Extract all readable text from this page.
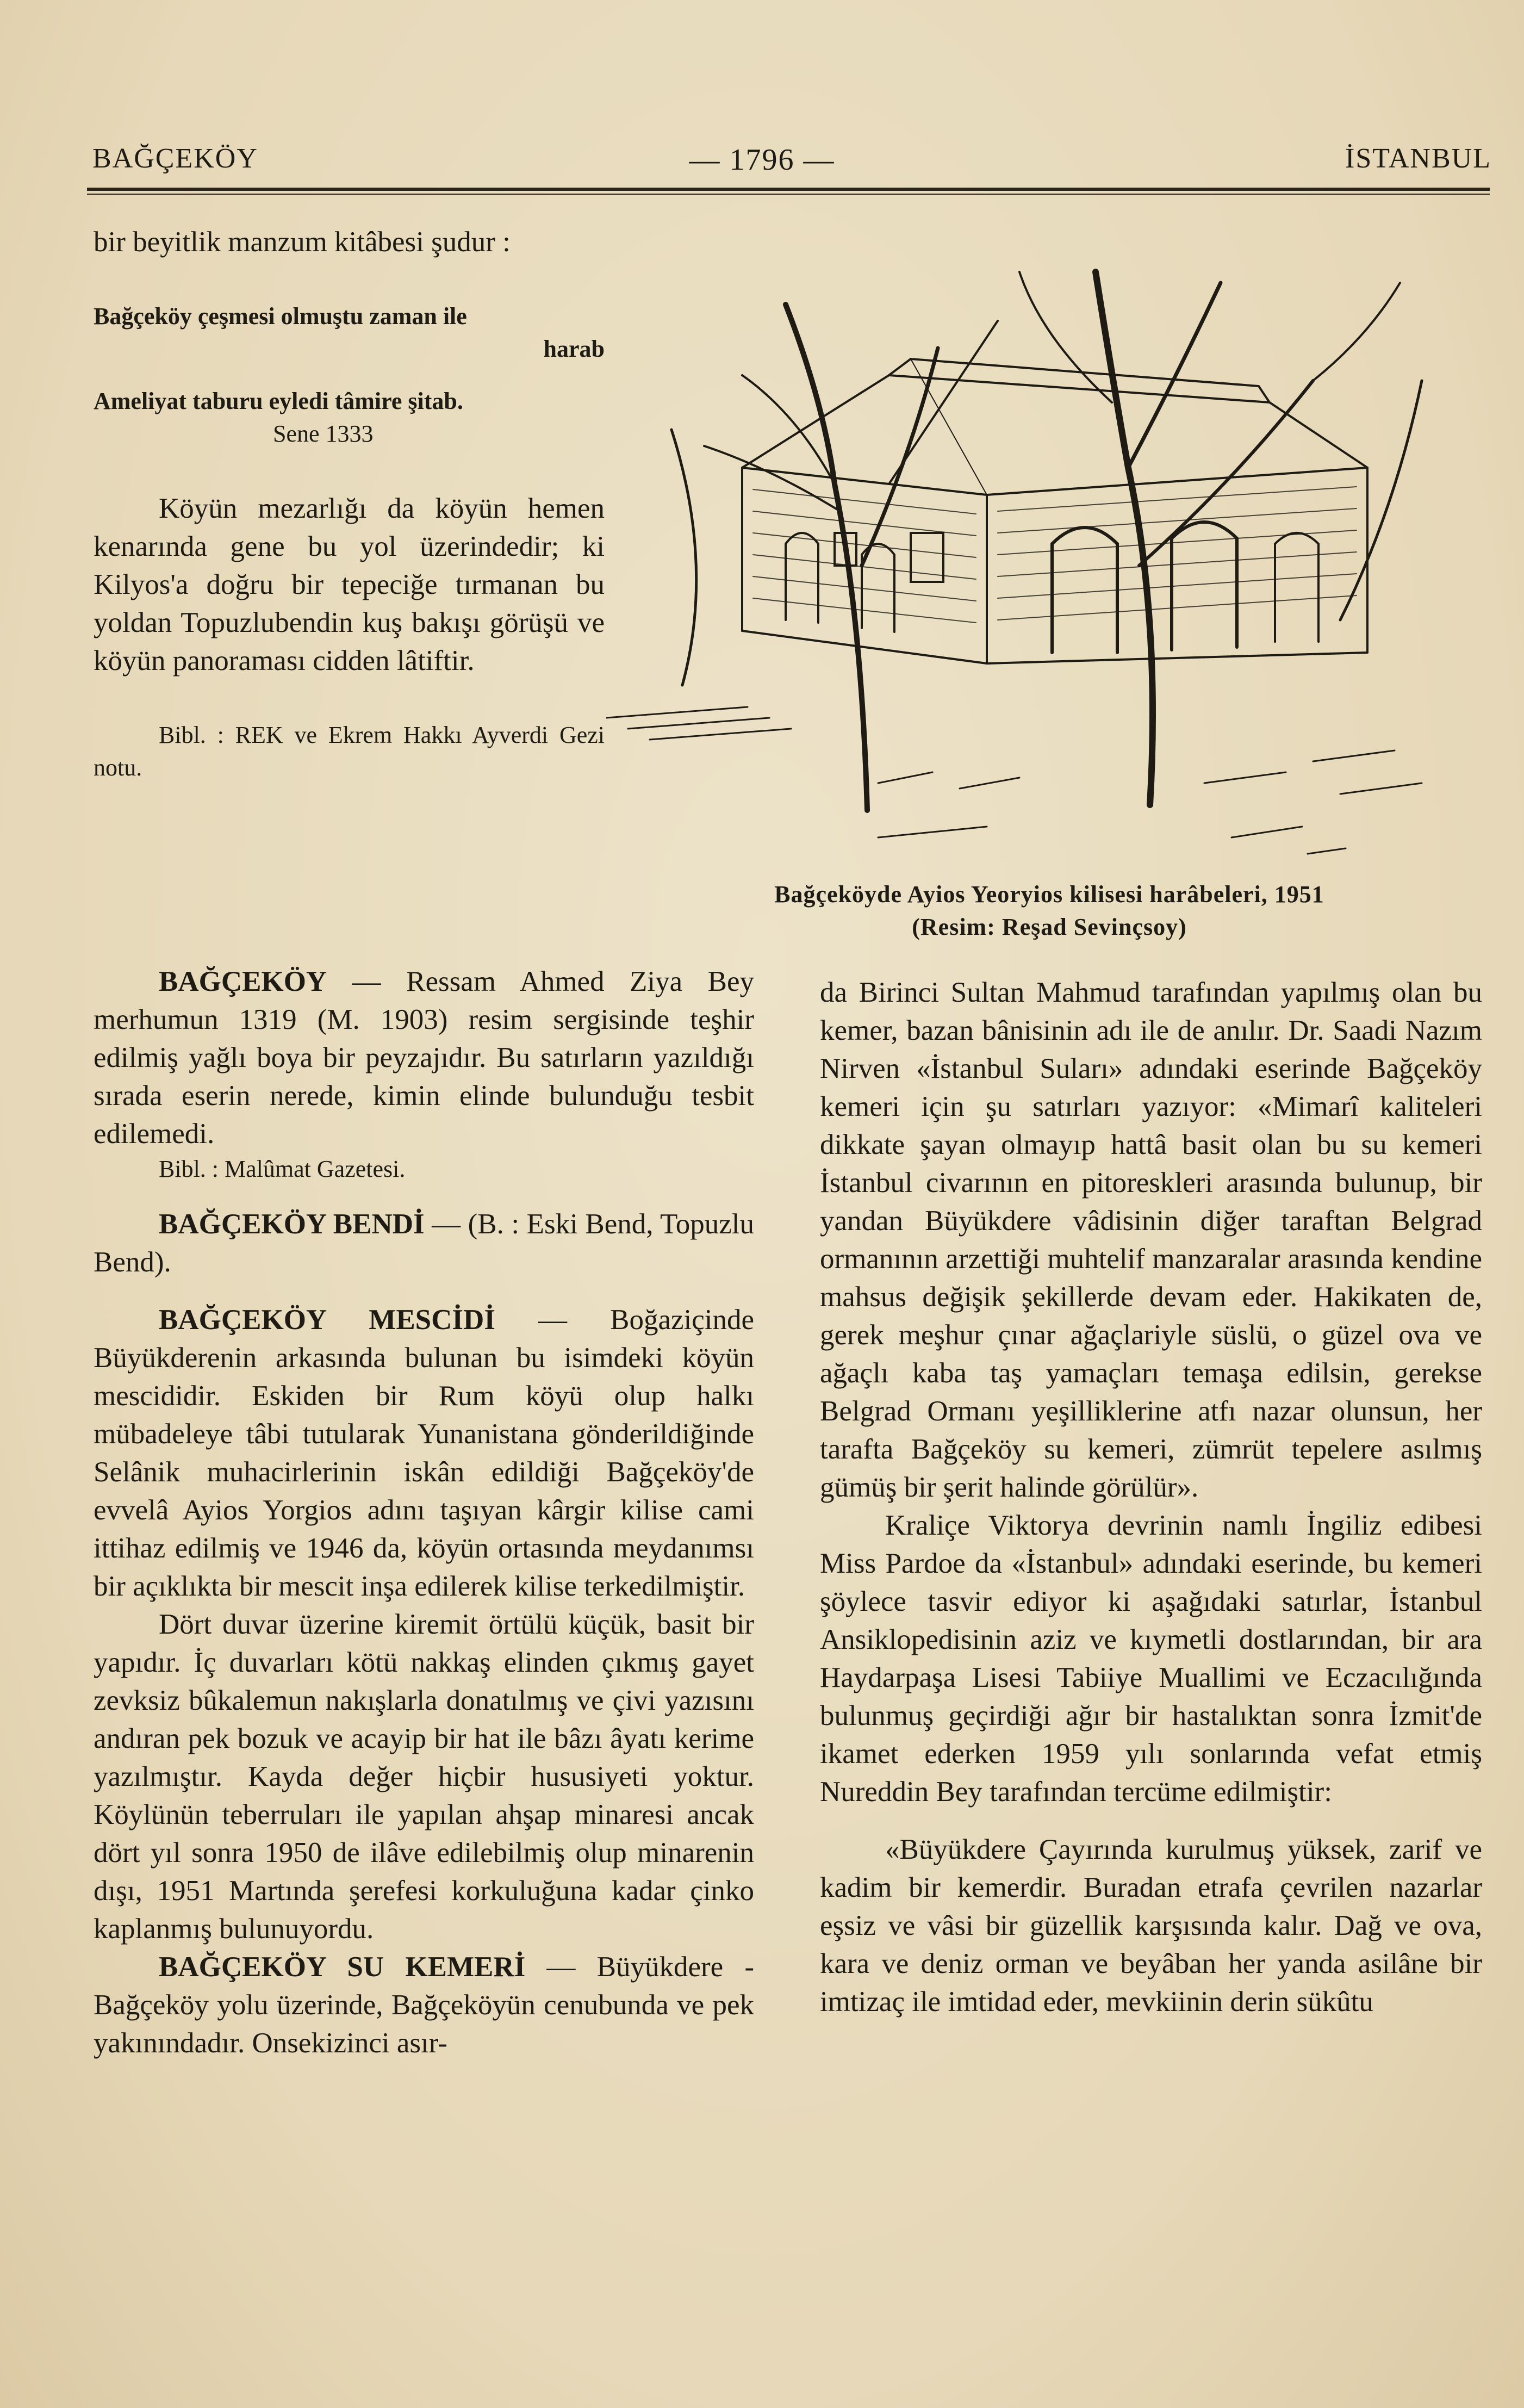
— 1796 —
BAĞÇEKÖY	İSTANBUL
Bağçeköyde Ayios Yeoryios kilisesi harâbeleri, 1951
(Resim: Reşad Sevinçsoy)

bir beyitlik manzum kitâbesi şudur :

Bağçeköy çeşmesi olmuştu zaman ile

harab

Ameliyat taburu eyledi tâmire şitab.

Sene 1333

Köyün mezarlığı da köyün hemen kenarında gene bu yol üzerindedir; ki Kilyos'a doğru bir tepeciğe tırmanan bu yoldan Topuzlubendin kuş bakışı görüşü ve köyün panoraması cidden lâtiftir.

Bibl. : REK ve Ekrem Hakkı Ayverdi Gezi notu.

BAĞÇEKÖY — Ressam Ahmed Ziya Bey merhumun 1319 (M. 1903) resim sergisinde teşhir edilmiş yağlı boya bir peyzajıdır. Bu satırların yazıldığı sırada eserin nerede, kimin elinde bulunduğu tesbit edilemedi.

Bibl. : Malûmat Gazetesi.

BAĞÇEKÖY BENDİ — (B. : Eski Bend, Topuzlu Bend).

BAĞÇEKÖY MESCİDİ — Boğaziçinde Büyükderenin arkasında bulunan bu isimdeki köyün mescididir. Eskiden bir Rum köyü olup halkı mübadeleye tâbi tutularak Yunanistana gönderildiğinde Selânik muhacirlerinin iskân edildiği Bağçeköy'de evvelâ Ayios Yorgios adını taşıyan kârgir kilise cami ittihaz edilmiş ve 1946 da, köyün ortasında meydanımsı bir açıklıkta bir mescit inşa edilerek kilise terkedilmiştir.

Dört duvar üzerine kiremit örtülü küçük, basit bir yapıdır. İç duvarları kötü nakkaş elinden çıkmış gayet zevksiz bûkalemun nakışlarla donatılmış ve çivi yazısını andıran pek bozuk ve acayip bir hat ile bâzı âyatı kerime yazılmıştır. Kayda değer hiçbir hususiyeti yoktur. Köylünün teberruları ile yapılan ahşap minaresi ancak dört yıl sonra 1950 de ilâve edilebilmiş olup minarenin dışı, 1951 Martında şerefesi korkuluğuna kadar çinko kaplanmış bulunuyordu.

BAĞÇEKÖY SU KEMERİ — Büyükdere - Bağçeköy yolu üzerinde, Bağçeköyün cenubunda ve pek yakınındadır. Onsekizinci asır-

da Birinci Sultan Mahmud tarafından yapılmış olan bu kemer, bazan bânisinin adı ile de anılır. Dr. Saadi Nazım Nirven «İstanbul Suları» adındaki eserinde Bağçeköy kemeri için şu satırları yazıyor: «Mimarî kaliteleri dikkate şayan olmayıp hattâ basit olan bu su kemeri İstanbul civarının en pitoreskleri arasında bulunup, bir yandan Büyükdere vâdisinin diğer taraftan Belgrad ormanının arzettiği muhtelif manzaralar arasında kendine mahsus değişik şekillerde devam eder. Hakikaten de, gerek meşhur çınar ağaçlariyle süslü, o güzel ova ve ağaçlı kaba taş yamaçları temaşa edilsin, gerekse Belgrad Ormanı yeşilliklerine atfı nazar olunsun, her tarafta Bağçeköy su kemeri, zümrüt tepelere asılmış gümüş bir şerit halinde görülür».

Kraliçe Viktorya devrinin namlı İngiliz edibesi Miss Pardoe da «İstanbul» adındaki eserinde, bu kemeri şöylece tasvir ediyor ki aşağıdaki satırlar, İstanbul Ansiklopedisinin aziz ve kıymetli dostlarından, bir ara Haydarpaşa Lisesi Tabiiye Muallimi ve Eczacılığında bulunmuş geçirdiği ağır bir hastalıktan sonra İzmit'de ikamet ederken 1959 yılı sonlarında vefat etmiş Nureddin Bey tarafından tercüme edilmiştir:

«Büyükdere Çayırında kurulmuş yüksek, zarif ve kadim bir kemerdir. Buradan etrafa çevrilen nazarlar eşsiz ve vâsi bir güzellik karşısında kalır. Dağ ve ova, kara ve deniz orman ve beyâban her yanda asilâne bir imtizaç ile imtidad eder, mevkiinin derin sükûtu
